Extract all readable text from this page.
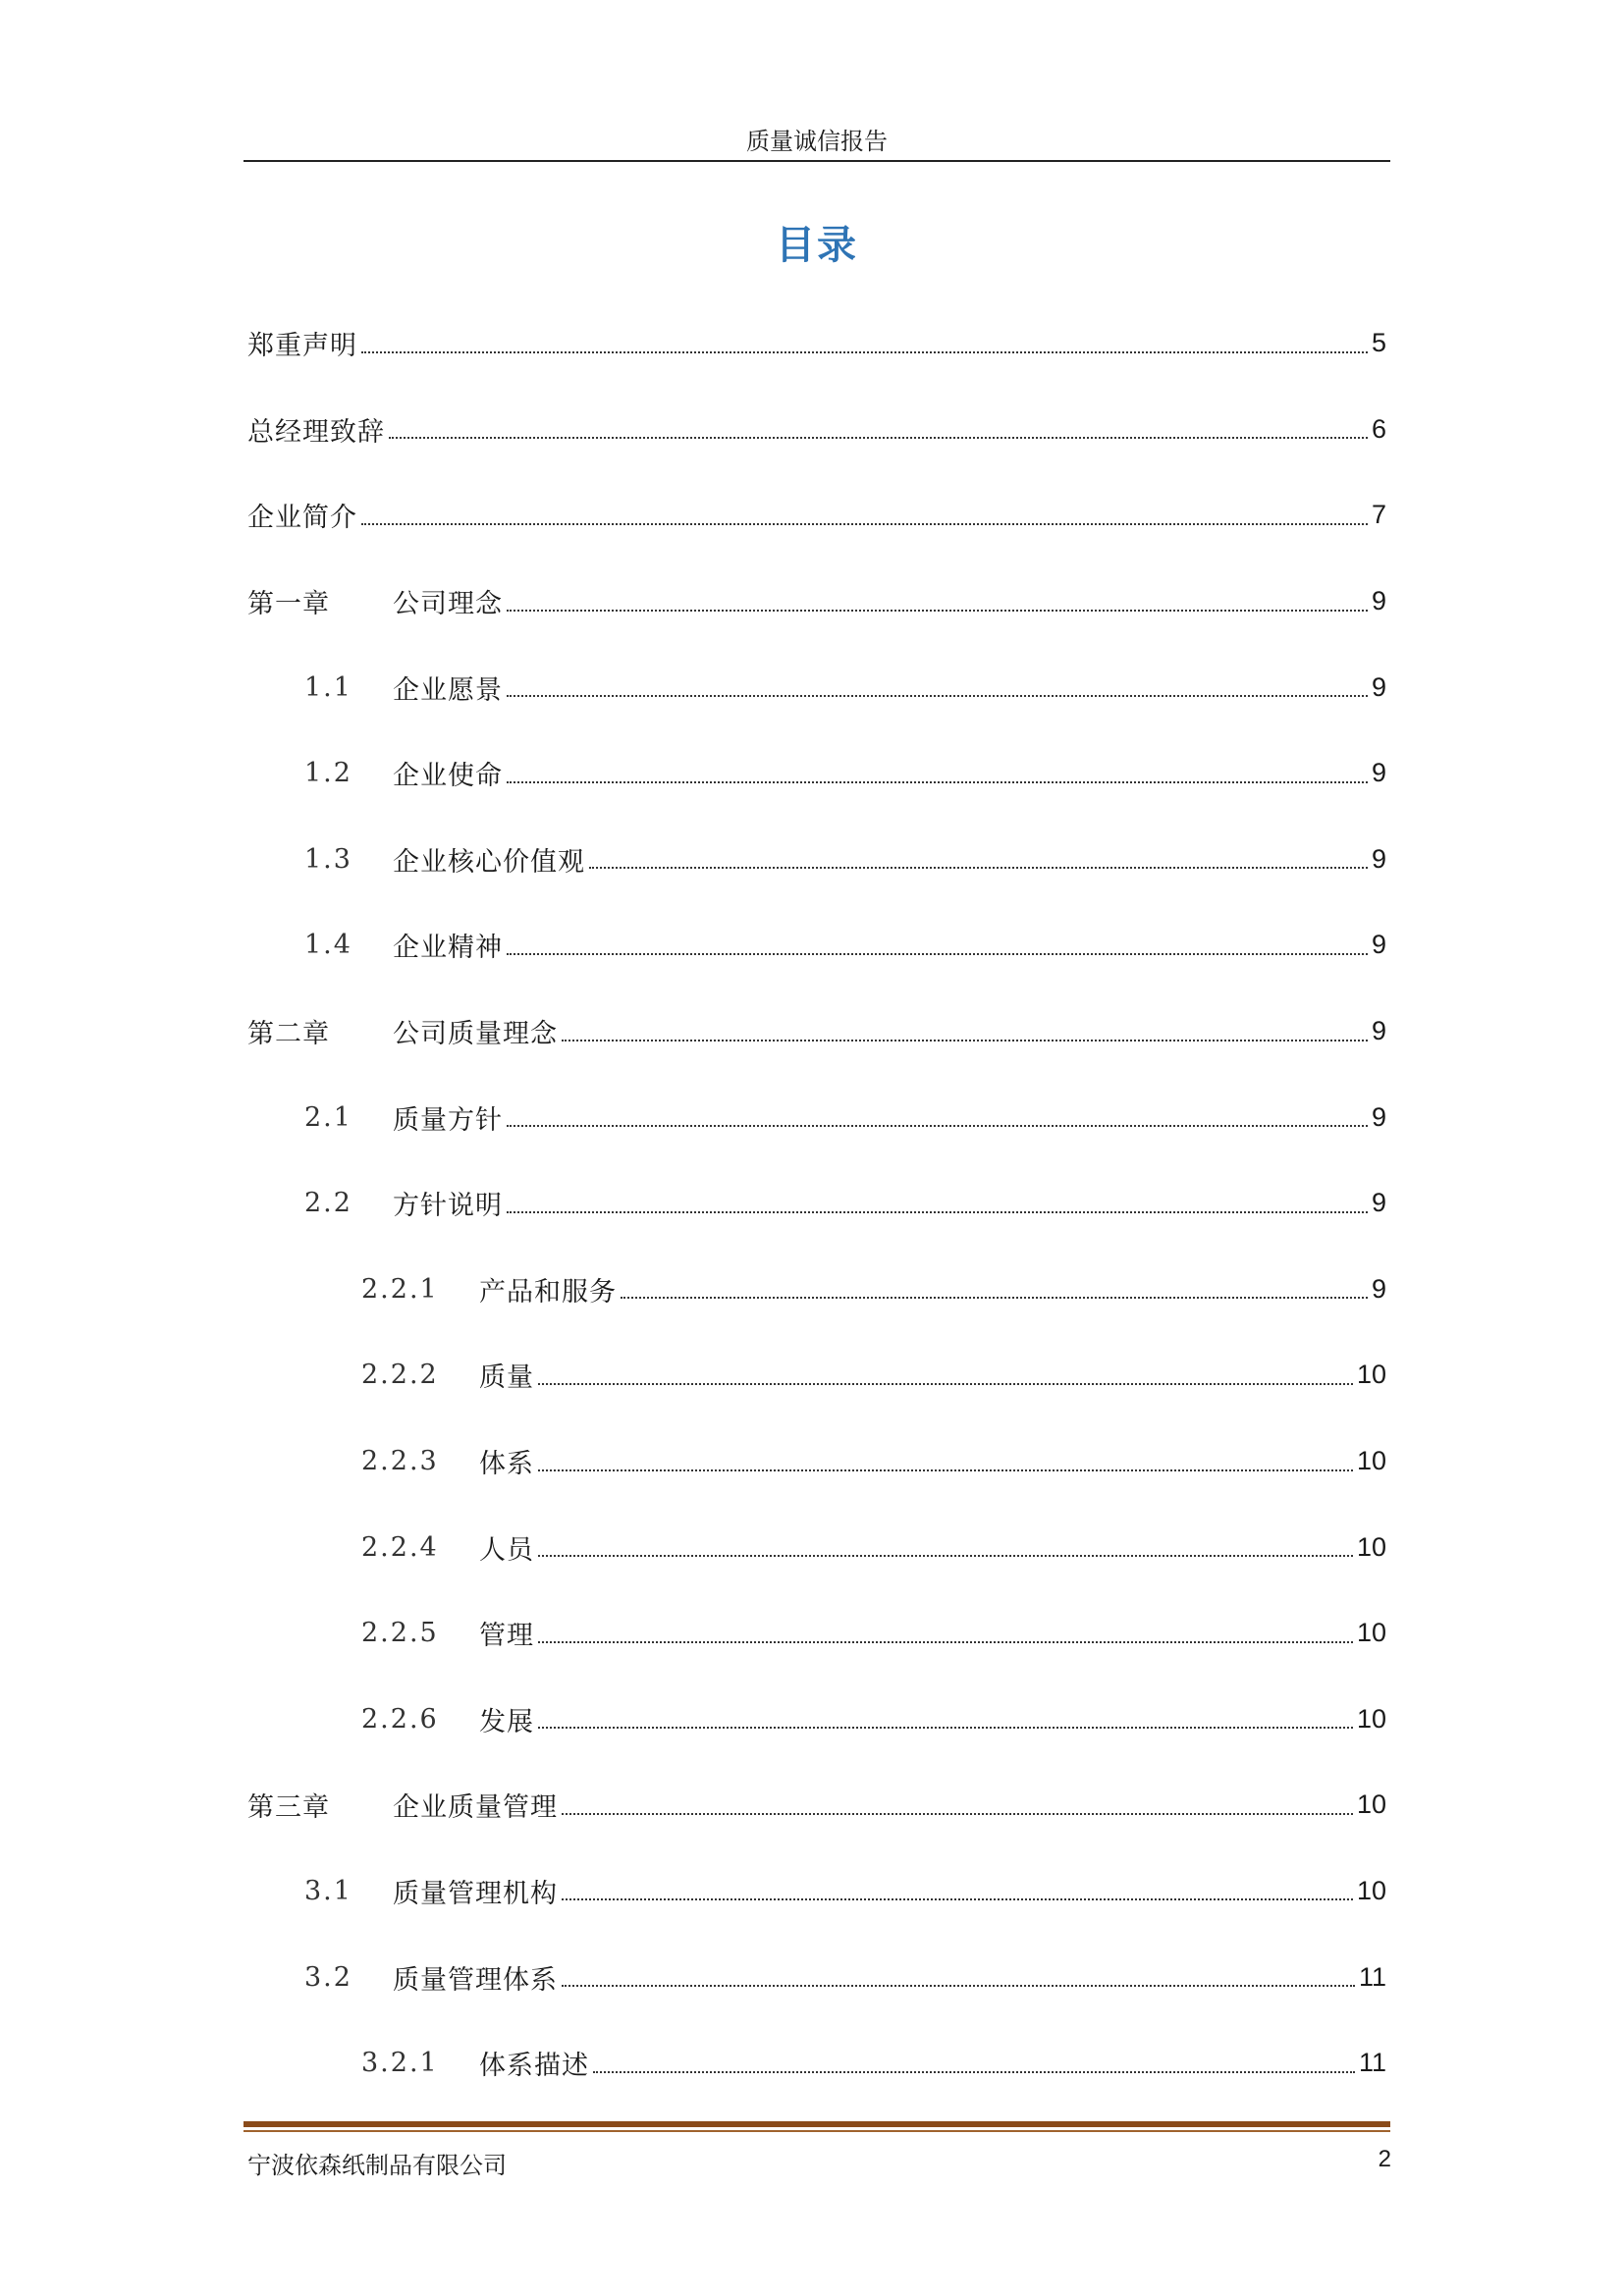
质量诚信报告
目录
郑重声明	5
总经理致辞	6
企业简介	7
第一章	公司理念	9
1.1	企业愿景	9
1.2	企业使命	9
1.3	企业核心价值观	9
1.4	企业精神	9
第二章	公司质量理念	9
2.1	质量方针	9
2.2	方针说明	9
2.2.1	产品和服务	9
2.2.2	质量	10
2.2.3	体系	10
2.2.4	人员	10
2.2.5	管理	10
2.2.6	发展	10
第三章	企业质量管理	10
3.1	质量管理机构	10
3.2	质量管理体系	11
3.2.1	体系描述	11
宁波依森纸制品有限公司	2
